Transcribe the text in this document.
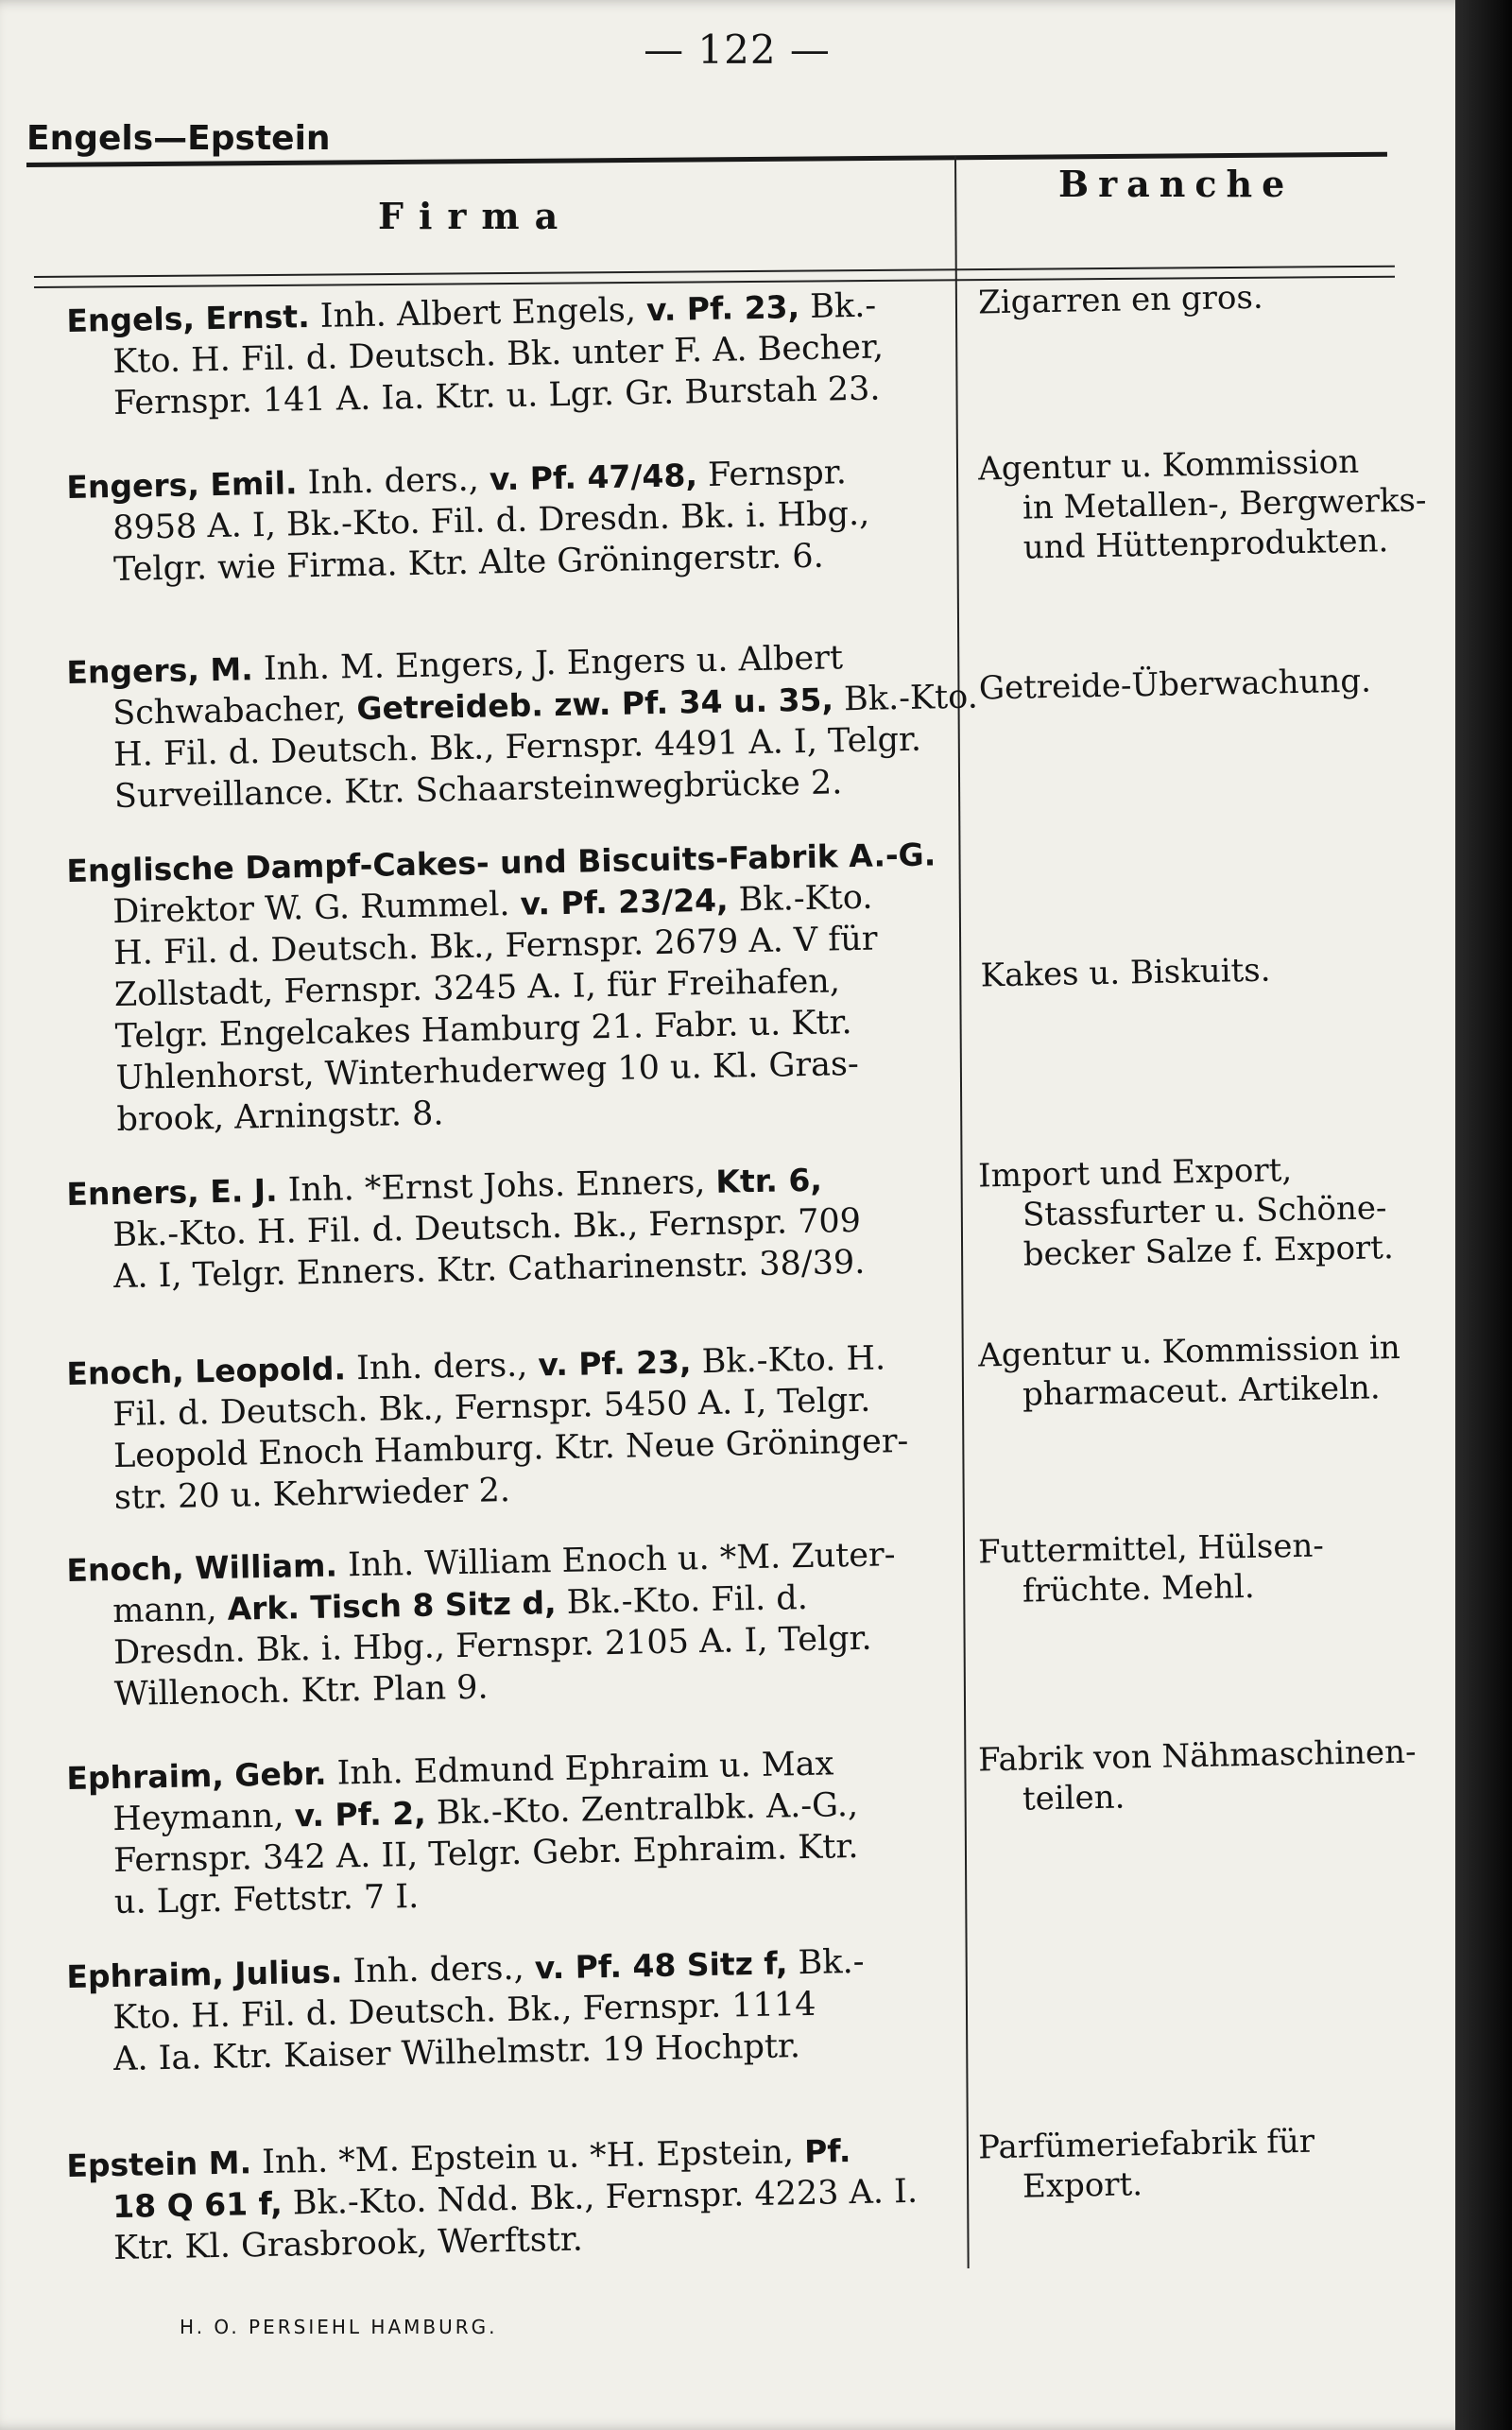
— 122 —
Engels—Epstein
Firma
Branche
Engels, Ernst. Inh. Albert Engels, v. Pf. 23, Bk.-
Kto. H. Fil. d. Deutsch. Bk. unter F. A. Becher,
Fernspr. 141 A. Ia. Ktr. u. Lgr. Gr. Burstah 23.
Zigarren en gros.
Engers, Emil. Inh. ders., v. Pf. 47/48, Fernspr.
8958 A. I, Bk.-Kto. Fil. d. Dresdn. Bk. i. Hbg.,
Telgr. wie Firma. Ktr. Alte Gröningerstr. 6.
Agentur u. Kommission
in Metallen-, Bergwerks-
und Hüttenprodukten.
Engers, M. Inh. M. Engers, J. Engers u. Albert
Schwabacher, Getreideb. zw. Pf. 34 u. 35, Bk.-Kto.
H. Fil. d. Deutsch. Bk., Fernspr. 4491 A. I, Telgr.
Surveillance. Ktr. Schaarsteinwegbrücke 2.
Getreide-Überwachung.
Englische Dampf-Cakes- und Biscuits-Fabrik A.-G.
Direktor W. G. Rummel. v. Pf. 23/24, Bk.-Kto.
H. Fil. d. Deutsch. Bk., Fernspr. 2679 A. V für
Zollstadt, Fernspr. 3245 A. I, für Freihafen,
Telgr. Engelcakes Hamburg 21. Fabr. u. Ktr.
Uhlenhorst, Winterhuderweg 10 u. Kl. Gras-
brook, Arningstr. 8.
Kakes u. Biskuits.
Enners, E. J. Inh. *Ernst Johs. Enners, Ktr. 6,
Bk.-Kto. H. Fil. d. Deutsch. Bk., Fernspr. 709
A. I, Telgr. Enners. Ktr. Catharinenstr. 38/39.
Import und Export,
Stassfurter u. Schöne-
becker Salze f. Export.
Enoch, Leopold. Inh. ders., v. Pf. 23, Bk.-Kto. H.
Fil. d. Deutsch. Bk., Fernspr. 5450 A. I, Telgr.
Leopold Enoch Hamburg. Ktr. Neue Gröninger-
str. 20 u. Kehrwieder 2.
Agentur u. Kommission in
pharmaceut. Artikeln.
Enoch, William. Inh. William Enoch u. *M. Zuter-
mann, Ark. Tisch 8 Sitz d, Bk.-Kto. Fil. d.
Dresdn. Bk. i. Hbg., Fernspr. 2105 A. I, Telgr.
Willenoch. Ktr. Plan 9.
Futtermittel, Hülsen-
früchte. Mehl.
Ephraim, Gebr. Inh. Edmund Ephraim u. Max
Heymann, v. Pf. 2, Bk.-Kto. Zentralbk. A.-G.,
Fernspr. 342 A. II, Telgr. Gebr. Ephraim. Ktr.
u. Lgr. Fettstr. 7 I.
Fabrik von Nähmaschinen-
teilen.
Ephraim, Julius. Inh. ders., v. Pf. 48 Sitz f, Bk.-
Kto. H. Fil. d. Deutsch. Bk., Fernspr. 1114
A. Ia. Ktr. Kaiser Wilhelmstr. 19 Hochptr.
Epstein M. Inh. *M. Epstein u. *H. Epstein, Pf.
18 Q 61 f, Bk.-Kto. Ndd. Bk., Fernspr. 4223 A. I.
Ktr. Kl. Grasbrook, Werftstr.
Parfümeriefabrik für
Export.
H. O. PERSIEHL HAMBURG.
